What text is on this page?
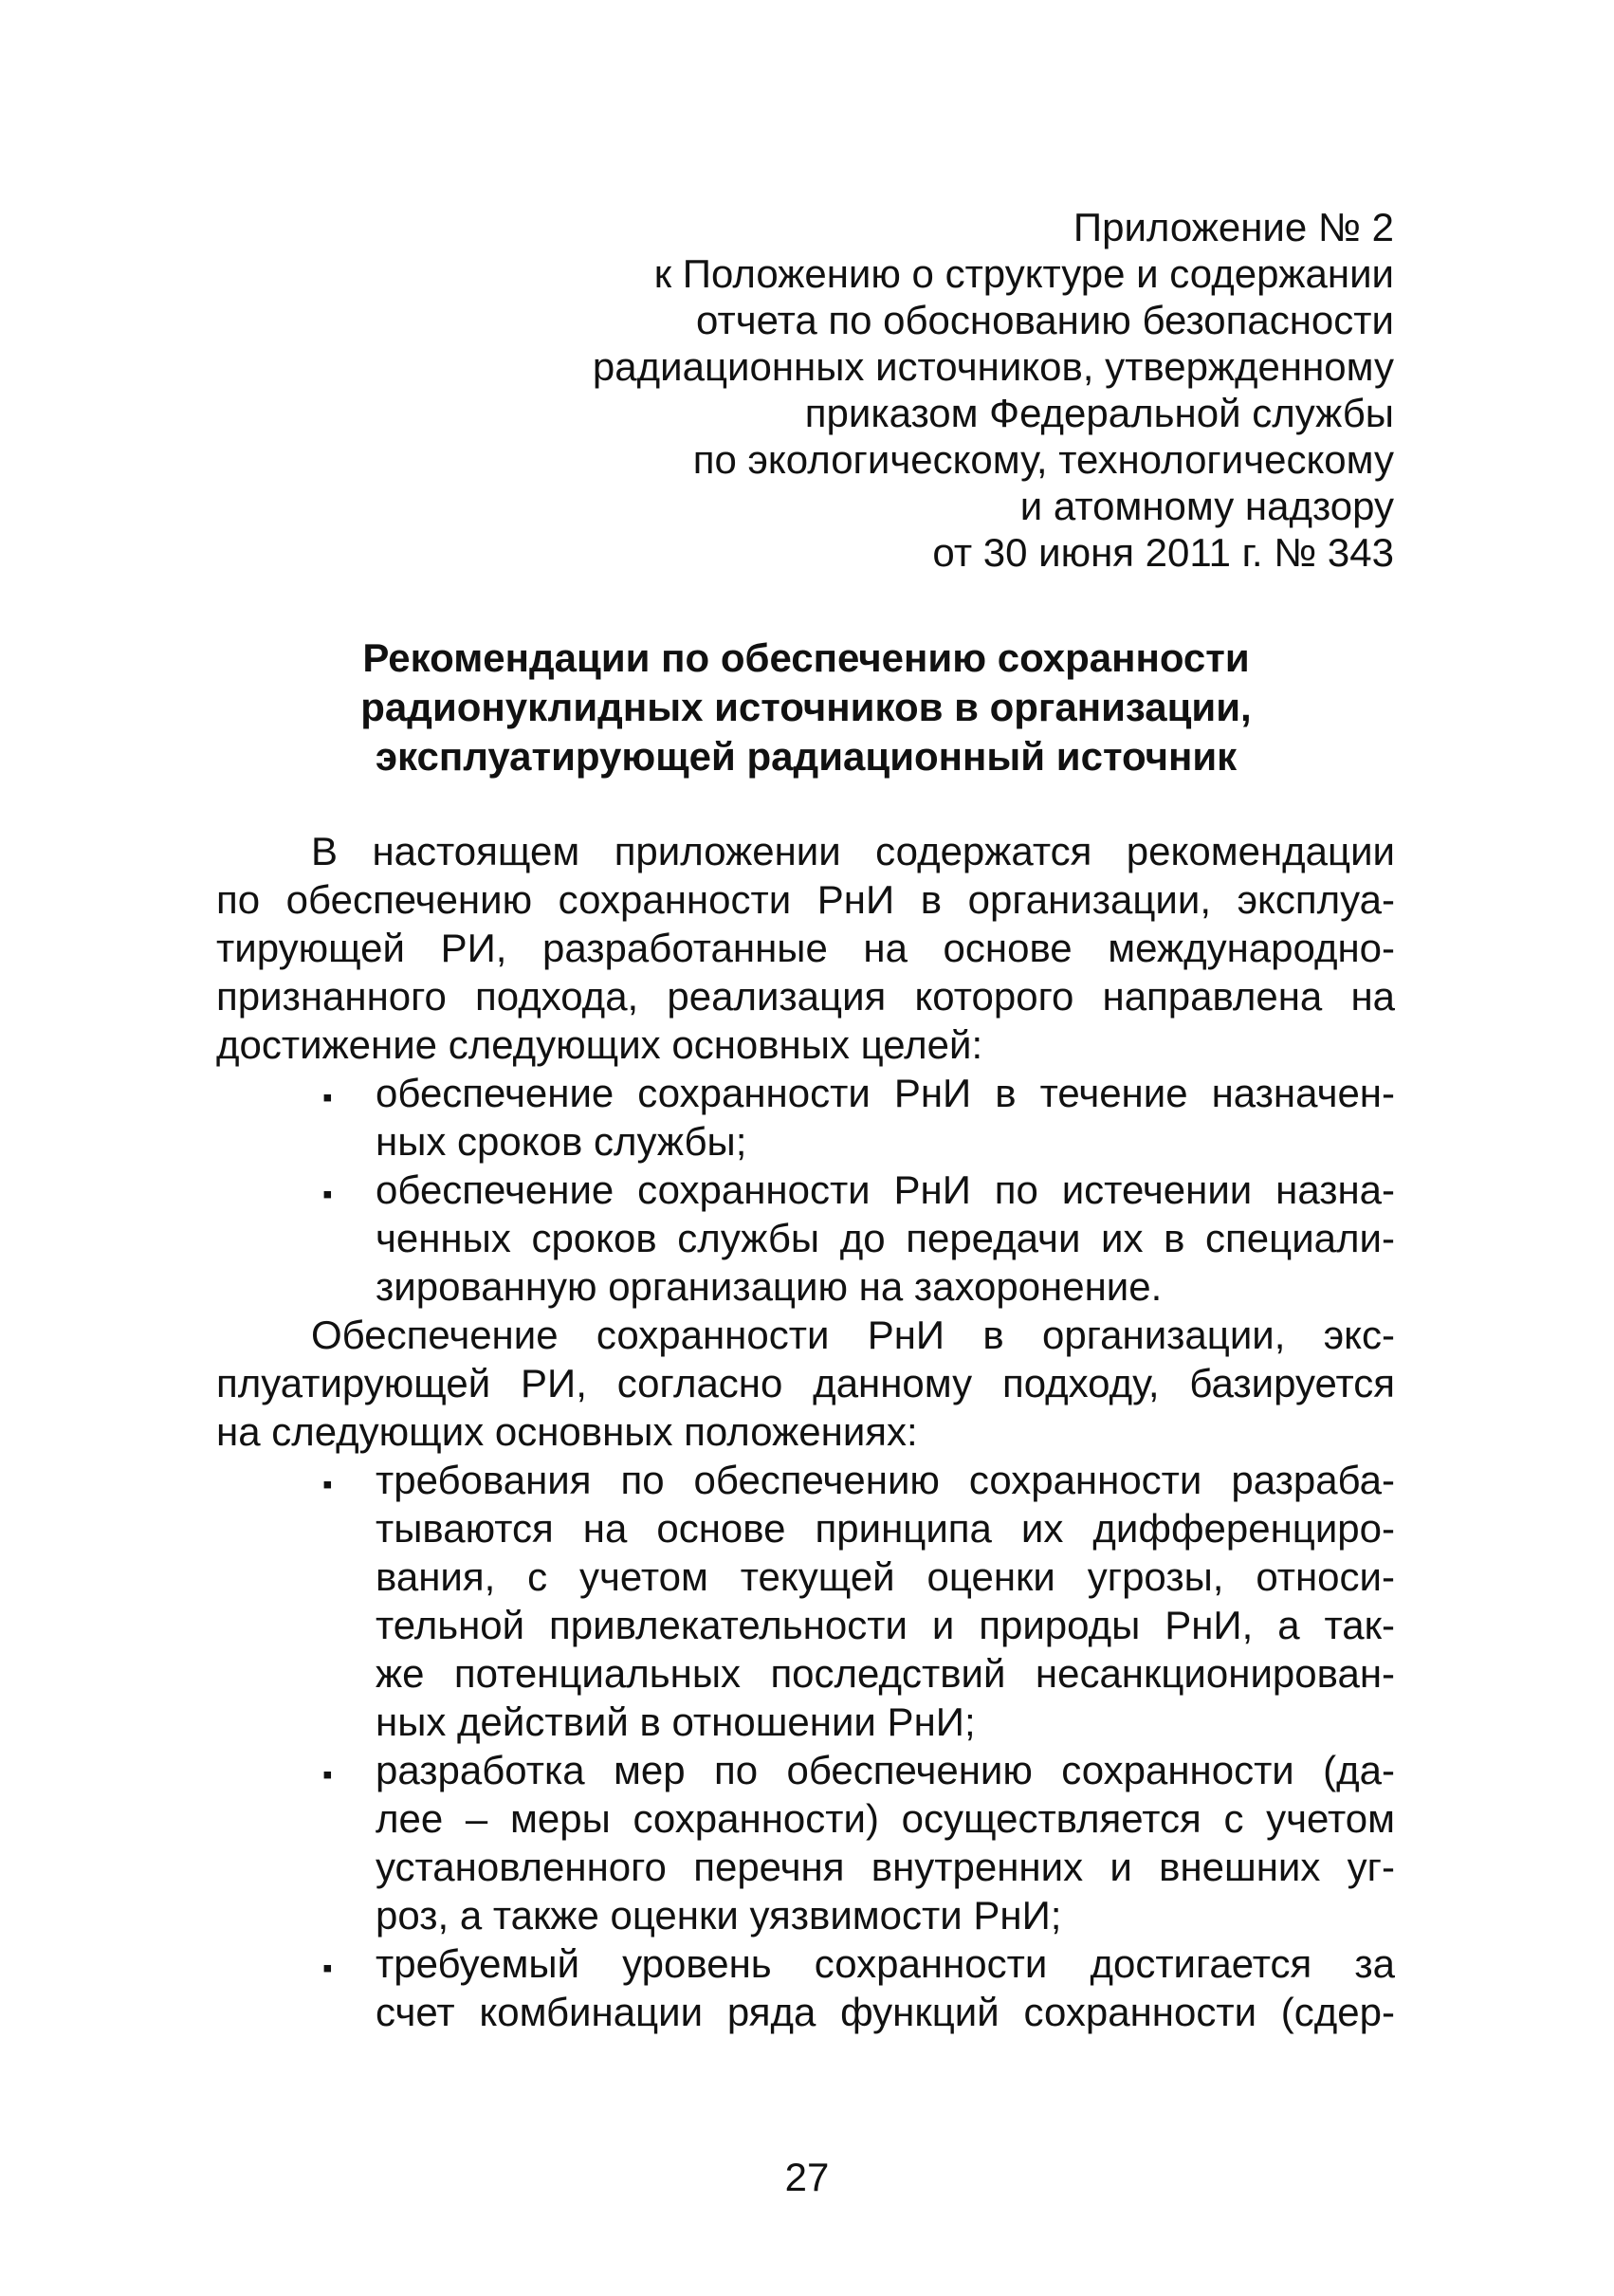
Приложение № 2
к Положению о структуре и содержании
отчета по обоснованию безопасности
радиационных источников, утвержденному
приказом Федеральной службы
по экологическому, технологическому
и атомному надзору
от 30 июня 2011 г. № 343
Рекомендации по обеспечению сохранности
радионуклидных источников в организации,
эксплуатирующей радиационный источник
В настоящем приложении содержатся рекомендации
по обеспечению сохранности РнИ в организации, эксплуа-
тирующей РИ, разработанные на основе международно-
признанного подхода, реализация которого направлена на
достижение следующих основных целей:
▪	обеспечение сохранности РнИ в течение назначен-
ных сроков службы;
▪	обеспечение сохранности РнИ по истечении назна-
ченных сроков службы до передачи их в специали-
зированную организацию на захоронение.
Обеспечение сохранности РнИ в организации, экс-
плуатирующей РИ, согласно данному подходу, базируется
на следующих основных положениях:
▪	требования по обеспечению сохранности разраба-
тываются на основе принципа их дифференциро-
вания, с учетом текущей оценки угрозы, относи-
тельной привлекательности и природы РнИ, а так-
же потенциальных последствий несанкционирован-
ных действий в отношении РнИ;
▪	разработка мер по обеспечению сохранности (да-
лее – меры сохранности) осуществляется с учетом
установленного перечня внутренних и внешних уг-
роз, а также оценки уязвимости РнИ;
▪	требуемый уровень сохранности достигается за
счет комбинации ряда функций сохранности (сдер-
27
